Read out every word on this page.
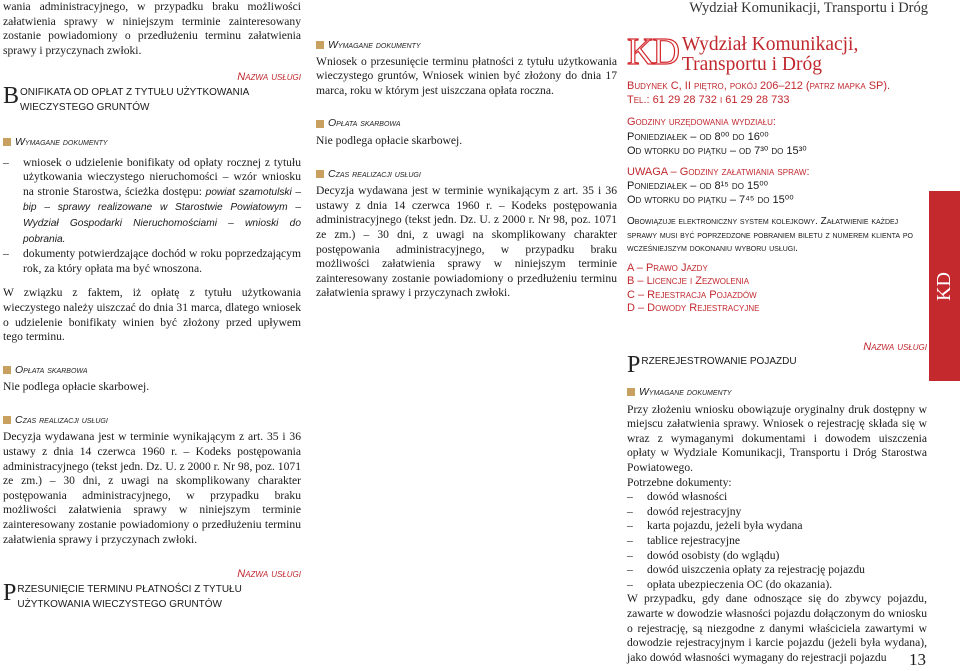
Wydział Komunikacji, Transportu i Dróg

wania administracyjnego, w przypadku braku możliwości załatwienia sprawy w niniejszym terminie zainteresowany zostanie powiadomiony o przedłużeniu terminu załatwienia sprawy i przyczynach zwłoki.

Nazwa usługi
BONIFIKATA OD OPŁAT Z TYTUŁU UŻYTKOWANIA WIECZYSTEGO GRUNTÓW
Wymagane dokumenty
–	wniosek o udzielenie bonifikaty od opłaty rocznej z tytułu użytkowania wieczystego nieruchomości – wzór wniosku na stronie Starostwa, ścieżka dostępu: powiat szamotulski – bip – sprawy realizowane w Starostwie Powiatowym – Wydział Gospodarki Nieruchomościami – wnioski do pobrania.

–	dokumenty potwierdzające dochód w roku poprzedzającym rok, za który opłata ma być wnoszona.

W związku z faktem, iż opłatę z tytułu użytkowania wieczystego należy uiszczać do dnia 31 marca, dlatego wniosek o udzielenie bonifikaty winien być złożony przed upływem tego terminu.

Opłata skarbowa

Nie podlega opłacie skarbowej.

Czas realizacji usługi

Decyzja wydawana jest w terminie wynikającym z art. 35 i 36 ustawy z dnia 14 czerwca 1960 r. – Kodeks postępowania administracyjnego (tekst jedn. Dz. U. z 2000 r. Nr 98, poz. 1071 ze zm.) – 30 dni, z uwagi na skomplikowany charakter postępowania administracyjnego, w przypadku braku możliwości załatwienia sprawy w niniejszym terminie zainteresowany zostanie powiadomiony o przedłużeniu terminu załatwienia sprawy i przyczynach zwłoki.

Nazwa usługi
PRZESUNIĘCIE TERMINU PŁATNOŚCI Z TYTUŁU UŻYTKOWANIA WIECZYSTEGO GRUNTÓW
Wymagane dokumenty

Wniosek o przesunięcie terminu płatności z tytułu użytkowania wieczystego gruntów, Wniosek winien być złożony do dnia 17 marca, roku w którym jest uiszczana opłata roczna.

Opłata skarbowa

Nie podlega opłacie skarbowej.

Czas realizacji usługi

Decyzja wydawana jest w terminie wynikającym z art. 35 i 36 ustawy z dnia 14 czerwca 1960 r. – Kodeks postępowania administracyjnego (tekst jedn. Dz. U. z 2000 r. Nr 98, poz. 1071 ze zm.) – 30 dni, z uwagi na skomplikowany charakter postępowania administracyjnego, w przypadku braku możliwości załatwienia sprawy w niniejszym terminie zainteresowany zostanie powiadomiony o przedłużeniu terminu załatwienia sprawy i przyczynach zwłoki.

KD Wydział Komunikacji, Transportu i Dróg
Budynek C, II piętro, pokój 206–212 (patrz mapka SP).
Tel.: 61 29 28 732 i 61 29 28 733
Godziny urzędowania wydziału:
Poniedziałek – od 8⁰⁰ do 16⁰⁰
Od wtorku do piątku – od 7³⁰ do 15³⁰
UWAGA – Godziny załatwiania spraw:
Poniedziałek – od 8¹⁵ do 15⁰⁰
Od wtorku do piątku – 7⁴⁵ do 15⁰⁰
Obowiązuje elektroniczny system kolejkowy. Załatwienie każdej sprawy musi być poprzedzone pobraniem biletu z numerem klienta po wcześniejszym dokonaniu wyboru usługi.
A – Prawo Jazdy
B – Licencje i Zezwolenia
C – Rejestracja Pojazdów
D – Dowody Rejestracyjne
Nazwa usługi
PRZEREJESTROWANIE POJAZDU
Wymagane dokumenty

Przy złożeniu wniosku obowiązuje oryginalny druk dostępny w miejscu załatwienia sprawy. Wniosek o rejestrację składa się w wraz z wymaganymi dokumentami i dowodem uiszczenia opłaty w Wydziale Komunikacji, Transportu i Dróg Starostwa Powiatowego.

Potrzebne dokumenty:

–	dowód własności
–	dowód rejestracyjny
–	karta pojazdu, jeżeli była wydana
–	tablice rejestracyjne
–	dowód osobisty (do wglądu)
–	dowód uiszczenia opłaty za rejestrację pojazdu
–	opłata ubezpieczenia OC (do okazania).

W przypadku, gdy dane odnoszące się do zbywcy pojazdu, zawarte w dowodzie własności pojazdu dołączonym do wniosku o rejestrację, są niezgodne z danymi właściciela zawartymi w dowodzie rejestracyjnym i karcie pojazdu (jeżeli była wydana), jako dowód własności wymagany do rejestracji pojazdu

KD
13
